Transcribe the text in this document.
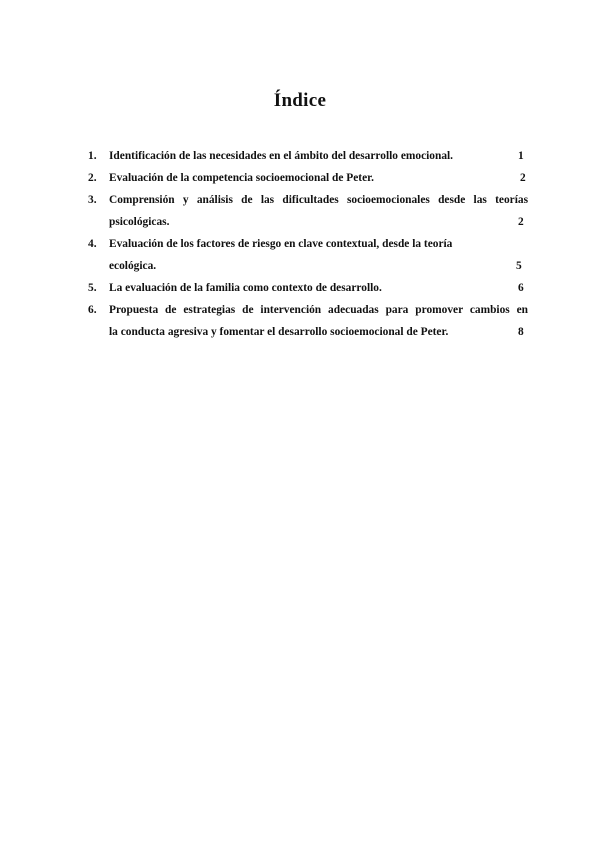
Índice
1. Identificación de las necesidades en el ámbito del desarrollo emocional.	1
2. Evaluación de la competencia socioemocional de Peter.	2
3. Comprensión y análisis de las dificultades socioemocionales desde las teorías
psicológicas.	2
4. Evaluación de los factores de riesgo en clave contextual, desde la teoría
ecológica.	5
5. La evaluación de la familia como contexto de desarrollo.	6
6. Propuesta de estrategias de intervención adecuadas para promover cambios en
la conducta agresiva y fomentar el desarrollo socioemocional de Peter.	8
